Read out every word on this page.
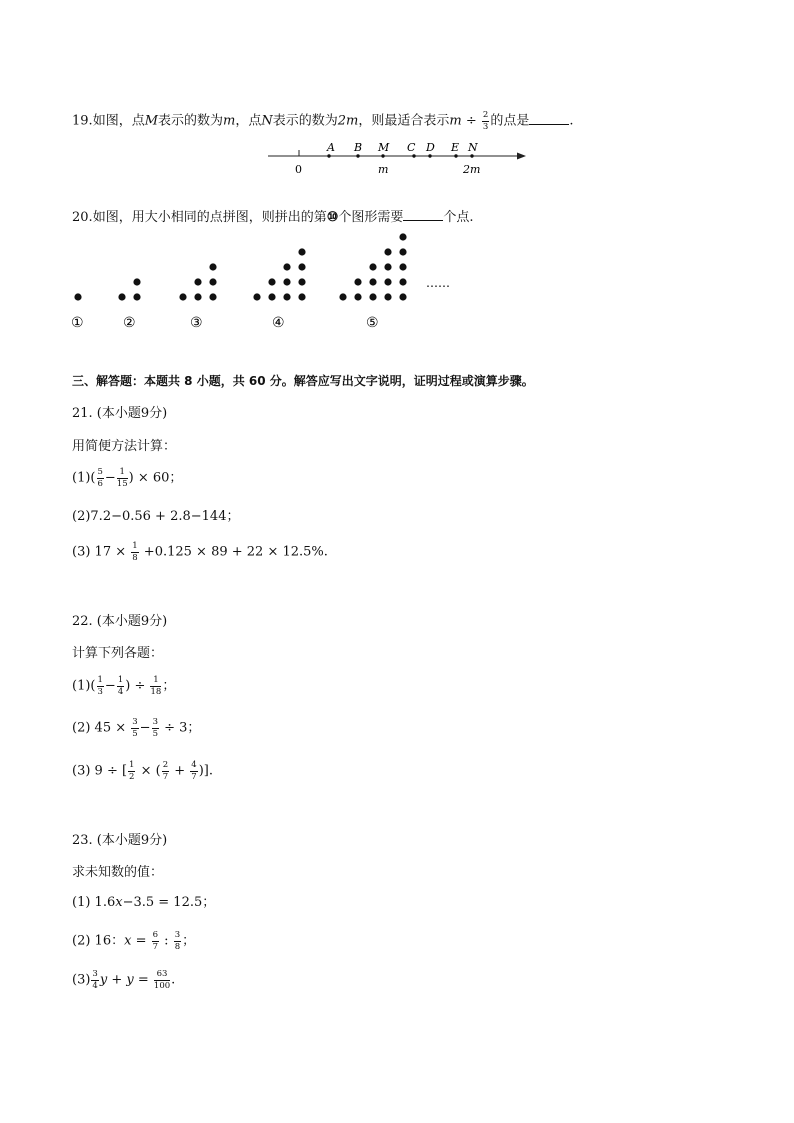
19.如图，点M表示的数为m，点N表示的数为2m，则最适合表示$m \div \frac{2}{3}$ 的点是	.
A B M C D E N
0	m	2m
20.如图，用大小相同的点拼图，则拼出的第⑩个图形需要	个点.
①	②	③	④	⑤
……
三、解答题：本题共 8 小题，共 60 分。解答应写出文字说明，证明过程或演算步骤。
21. (本小题9分)
用简便方法计算：
$(1)( \frac{5}{6} - \frac{1}{15}$ ) × 60；
(2)7.2−0.56 + 2.8−144；
(3) $17 \times \frac{1}{8} +0.125 \times 89 + 22 \times 12.5\%$.
22. (本小题9分)
计算下列各题：
$(1)( \frac{1}{3} - \frac{1}{4}$ ) ÷ $\frac{1}{18}$ ；
(2) $45 \times \frac{3}{5} - \frac{3}{5} \div 3$；
(3) 9 ÷ [ $\frac{1}{2}$ × ( $\frac{2}{7} + \frac{4}{7}$ )].
23. (本小题9分)
求未知数的值：
(1) 1.6x−3.5 = 12.5；
(2) 16：$x = \frac{6}{7}$ : $\frac{3}{8}$ ；
$(3) \frac{3}{4}$ $y + y = \frac{63}{100}$ .
